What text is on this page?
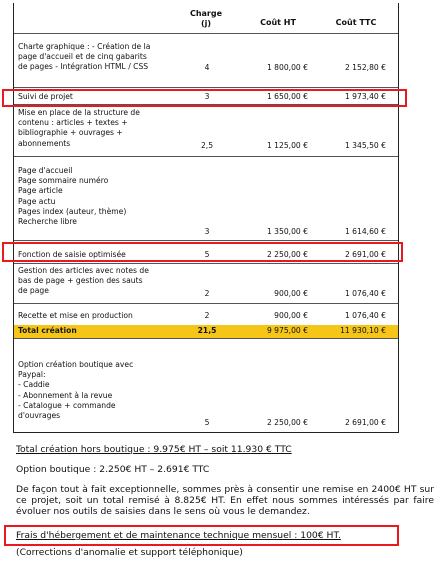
Charge
(j)	Coût HT	Coût TTC
Charte graphique : - Création de la
page d'accueil et de cinq gabarits
de pages - Intégration HTML / CSS	4	1 800,00 €	2 152,80 €
Suivi de projet	3	1 650,00 €	1 973,40 €
Mise en place de la structure de
contenu : articles + textes +
bibliographie + ouvrages +
abonnements	2,5	1 125,00 €	1 345,50 €
Page d'accueil
Page sommaire numéro
Page article
Page actu
Pages index (auteur, thème)
Recherche libre
3	1 350,00 €	1 614,60 €
Fonction de saisie optimisée	5	2 250,00 €	2 691,00 €
Gestion des articles avec notes de
bas de page + gestion des sauts
de page	2	900,00 €	1 076,40 €
Recette et mise en production	2	900,00 €	1 076,40 €
Total création	21,5	9 975,00 €	11 930,10 €
Option création boutique avec
Paypal:
- Caddie
- Abonnement à la revue
- Catalogue + commande
d'ouvrages
5	2 250,00 €	2 691,00 €
Total création hors boutique : 9.975€ HT – soit 11.930 € TTC
Option boutique : 2.250€ HT – 2.691€ TTC
De façon tout à fait exceptionnelle, sommes près à consentir une remise en 2400€ HT sur ce projet, soit un total remisé à 8.825€ HT. En effet nous sommes intéressés par faire évoluer nos outils de saisies dans le sens où vous le demandez.
Frais d'hébergement et de maintenance technique mensuel : 100€ HT.
(Corrections d'anomalie et support téléphonique)
